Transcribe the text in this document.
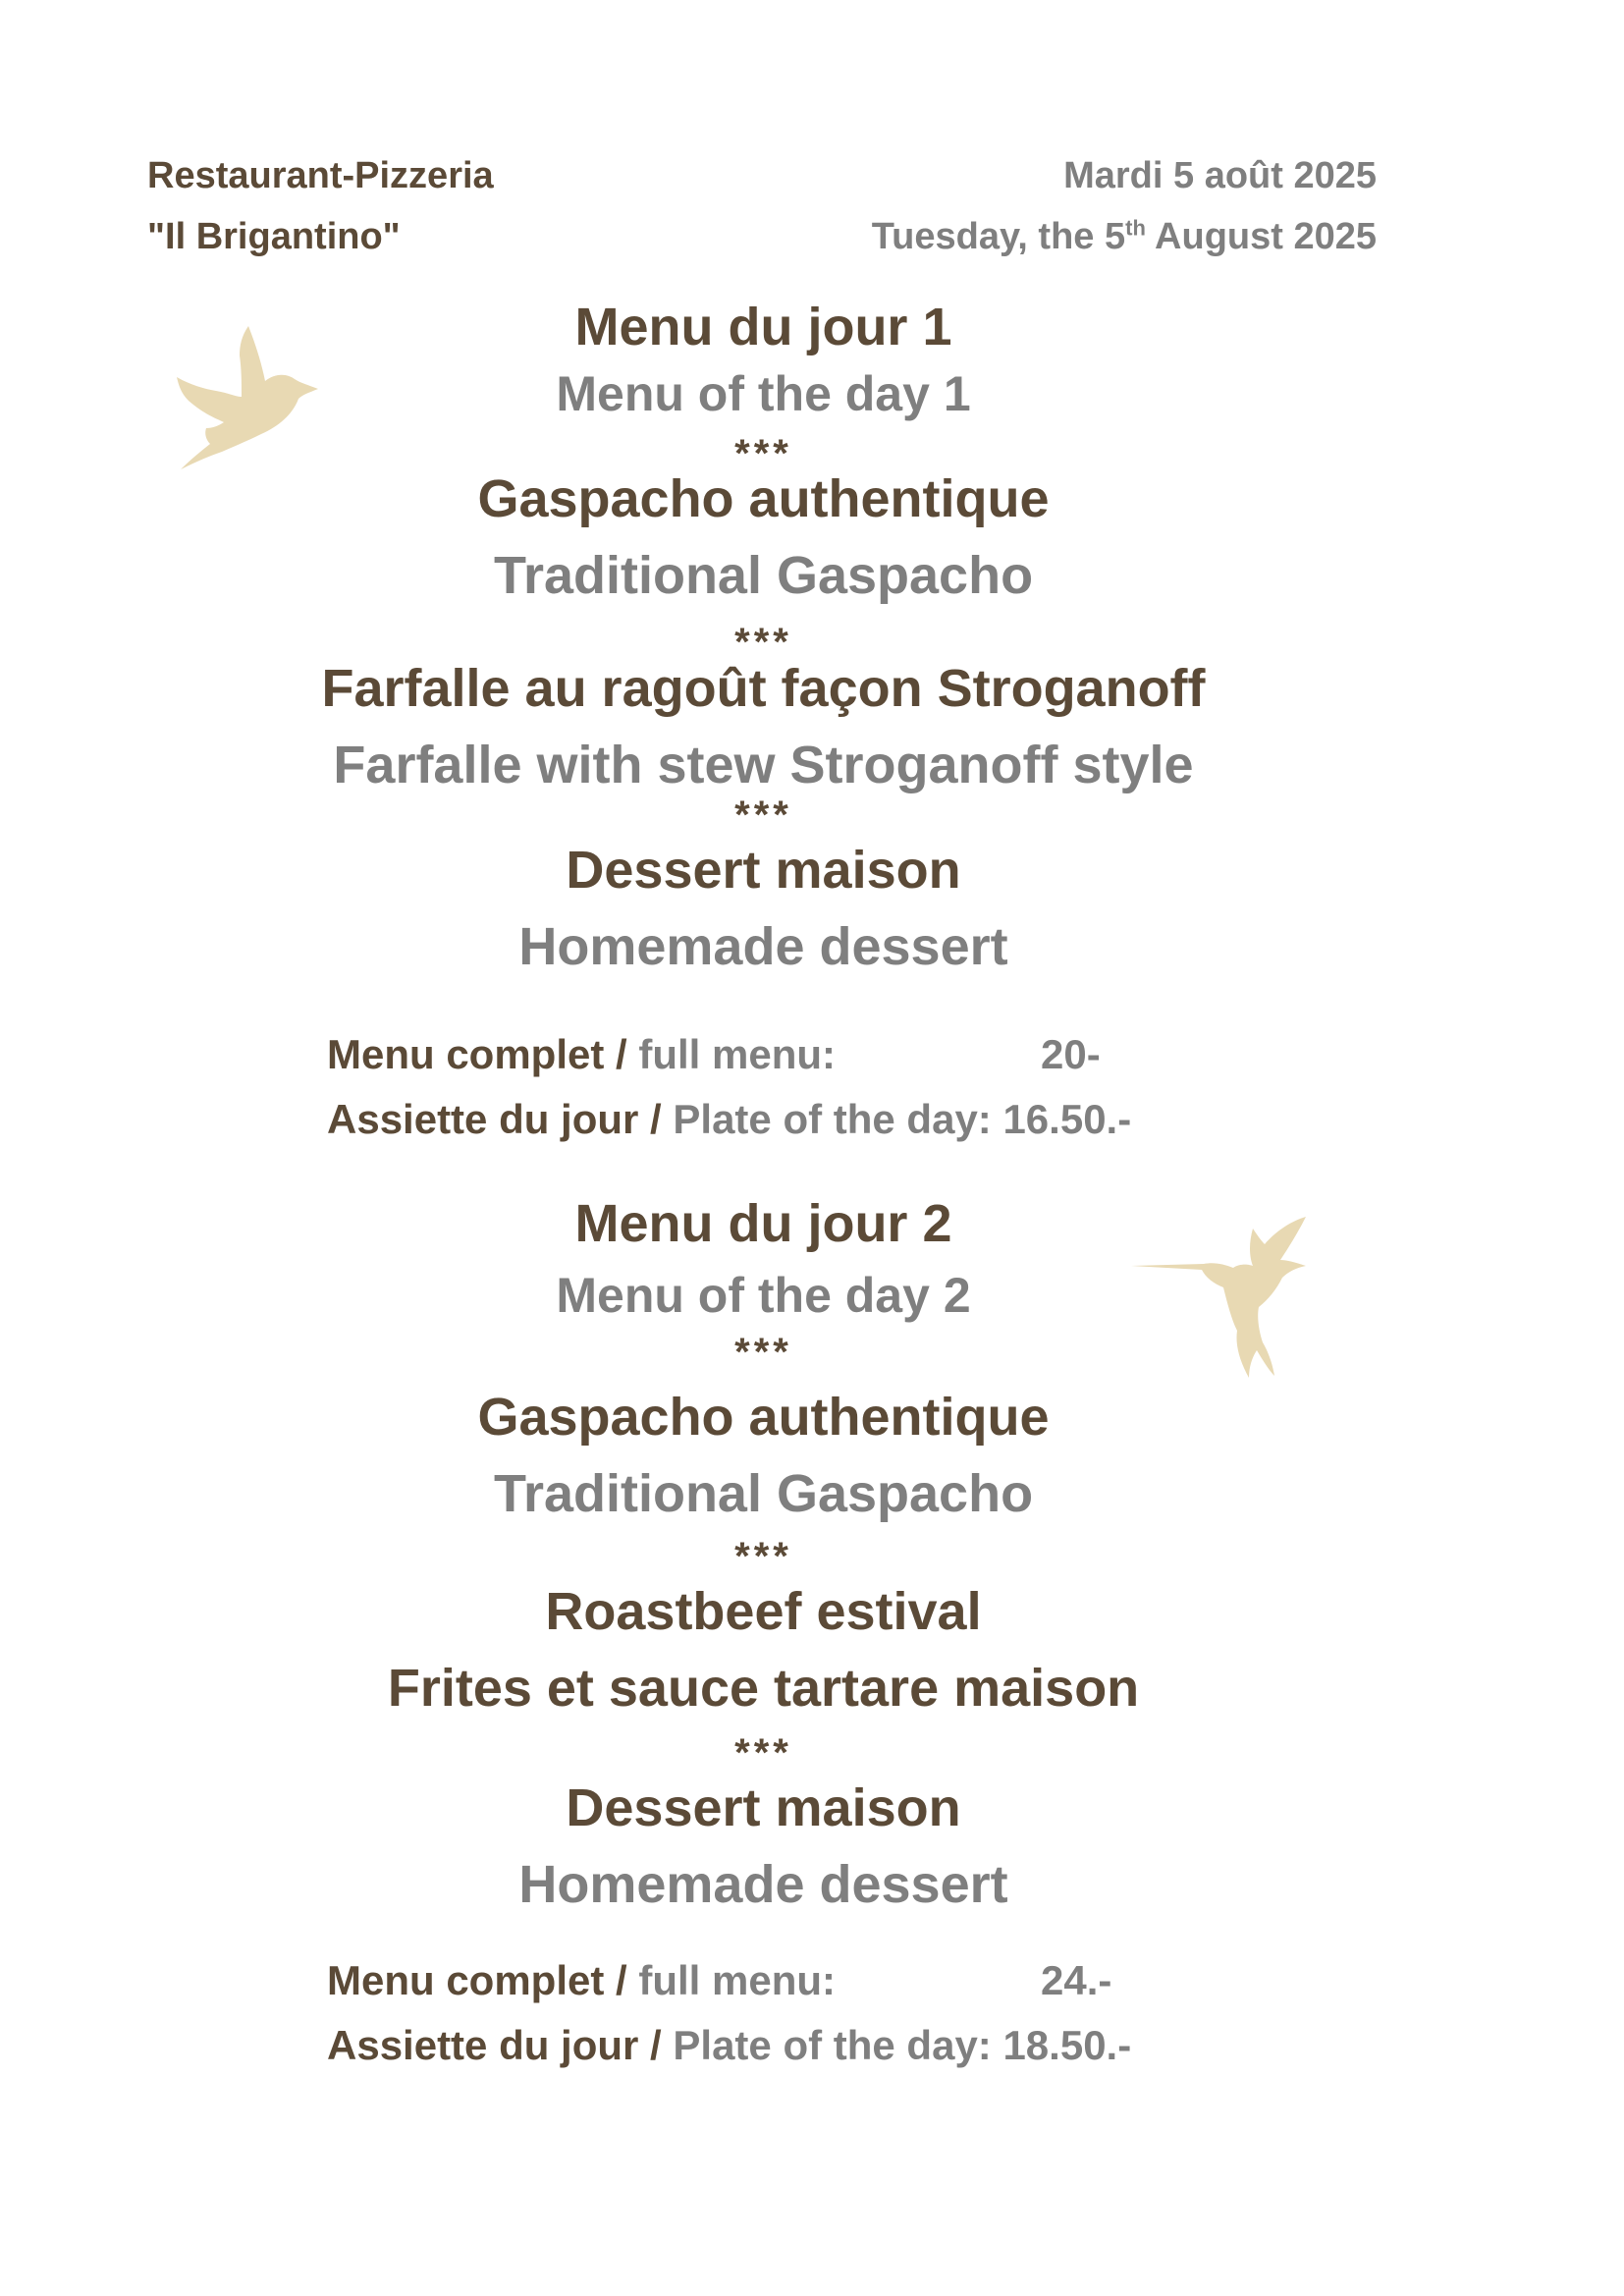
Restaurant-Pizzeria
"Il Brigantino"
Mardi 5 août 2025
Tuesday, the 5th August 2025
Menu du jour 1
Menu of the day 1
***
Gaspacho authentique
Traditional Gaspacho
***
Farfalle au ragoût façon Stroganoff
Farfalle with stew Stroganoff style
***
Dessert maison
Homemade dessert
Menu complet / full menu:	20-
Assiette du jour / Plate of the day: 16.50.-
Menu du jour 2
Menu of the day 2
***
Gaspacho authentique
Traditional Gaspacho
***
Roastbeef estival
Frites et sauce tartare maison
***
Dessert maison
Homemade dessert
Menu complet / full menu:	24.-
Assiette du jour / Plate of the day: 18.50.-
